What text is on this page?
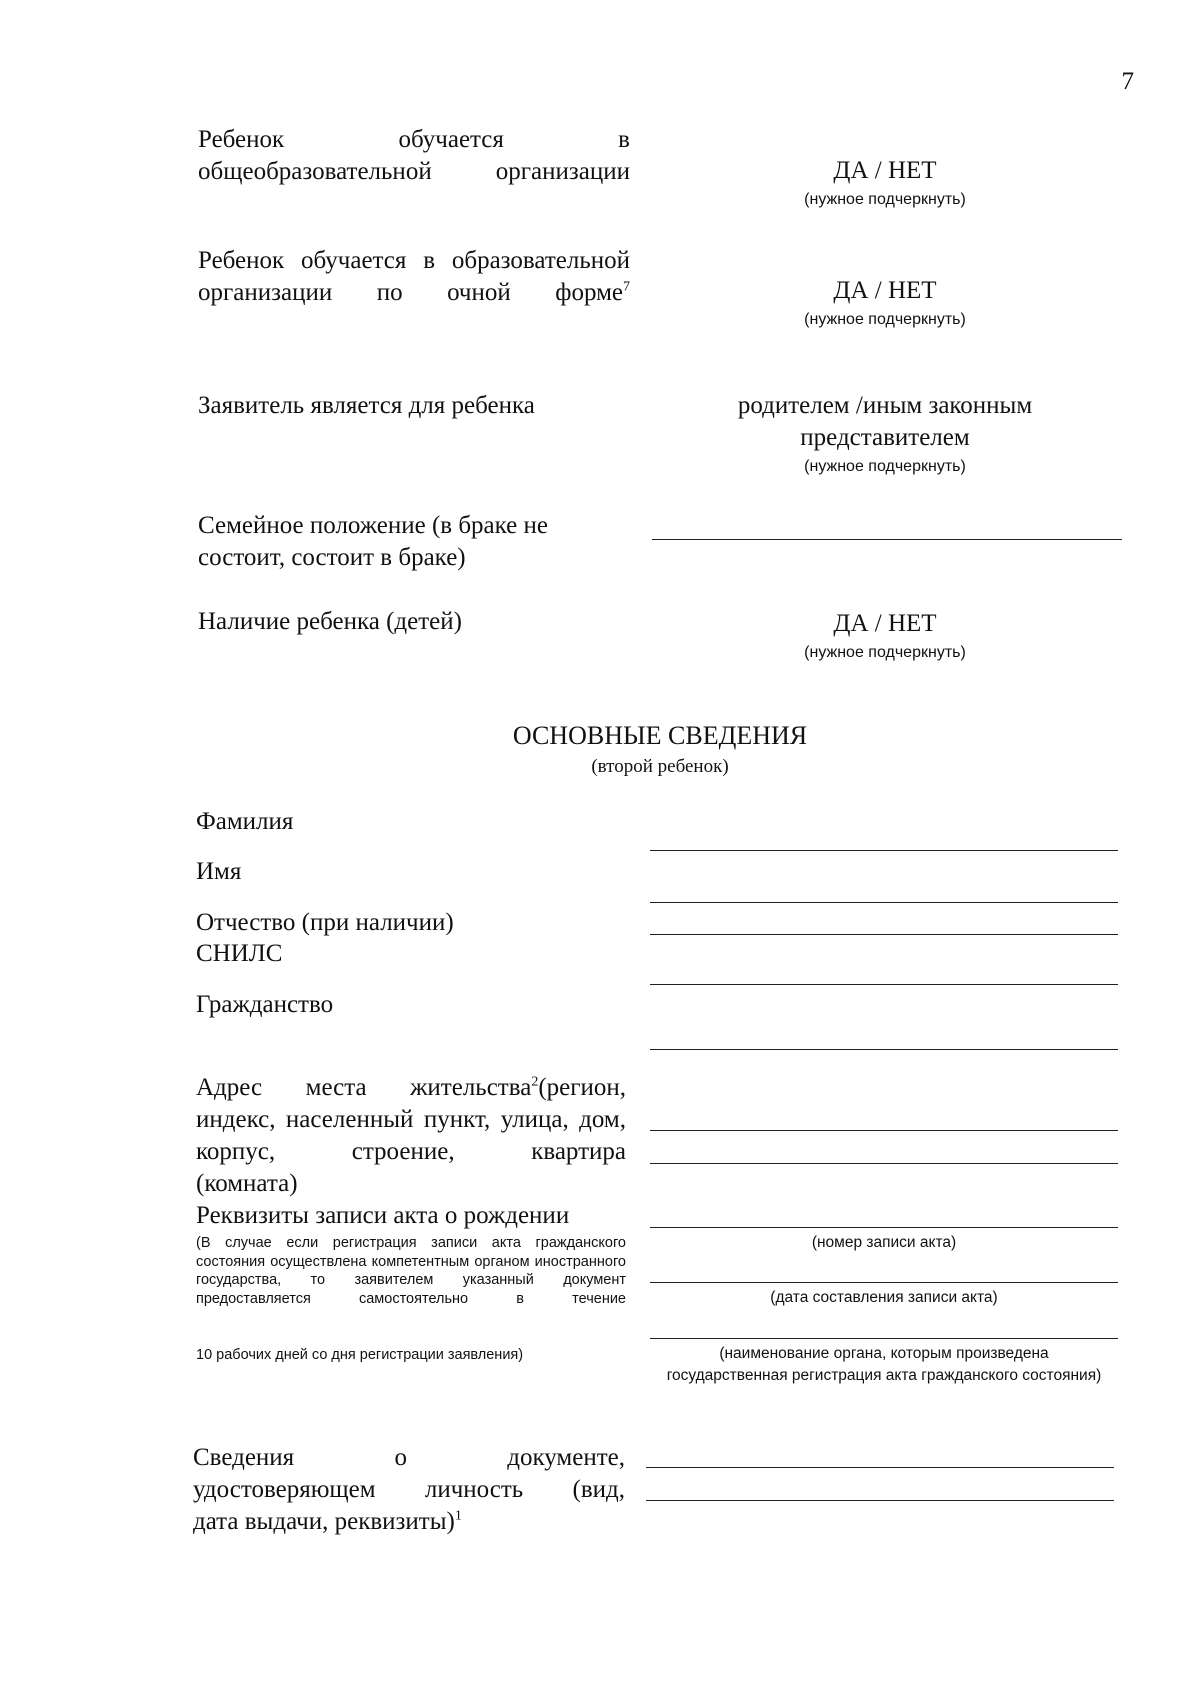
7
Ребенок обучается в общеобразовательной организации	ДА / НЕТ
(нужное подчеркнуть)
Ребенок обучается в образовательной организации по очной форме$^7$	ДА / НЕТ
(нужное подчеркнуть)
Заявитель является для ребенка	родителем /иным законным
представителем
(нужное подчеркнуть)
Семейное положение (в браке не
состоит, состоит в браке)
Наличие ребенка (детей)	ДА / НЕТ
(нужное подчеркнуть)
ОСНОВНЫЕ СВЕДЕНИЯ
(второй ребенок)
Фамилия
Имя
Отчество (при наличии)
СНИЛС
Гражданство
Адрес места жительства$^2$(регион, индекс, населенный пункт, улица, дом, корпус, строение, квартира
(комната)
Реквизиты записи акта о рождении
(В случае если регистрация записи акта гражданского состояния осуществлена компетентным органом иностранного государства, то заявителем указанный документ предоставляется самостоятельно в течение
10 рабочих дней со дня регистрации заявления)
(номер записи акта)
(дата составления записи акта)
(наименование органа, которым произведена государственная регистрация акта гражданского состояния)
Сведения о документе, удостоверяющем личность (вид,
дата выдачи, реквизиты)$^1$
